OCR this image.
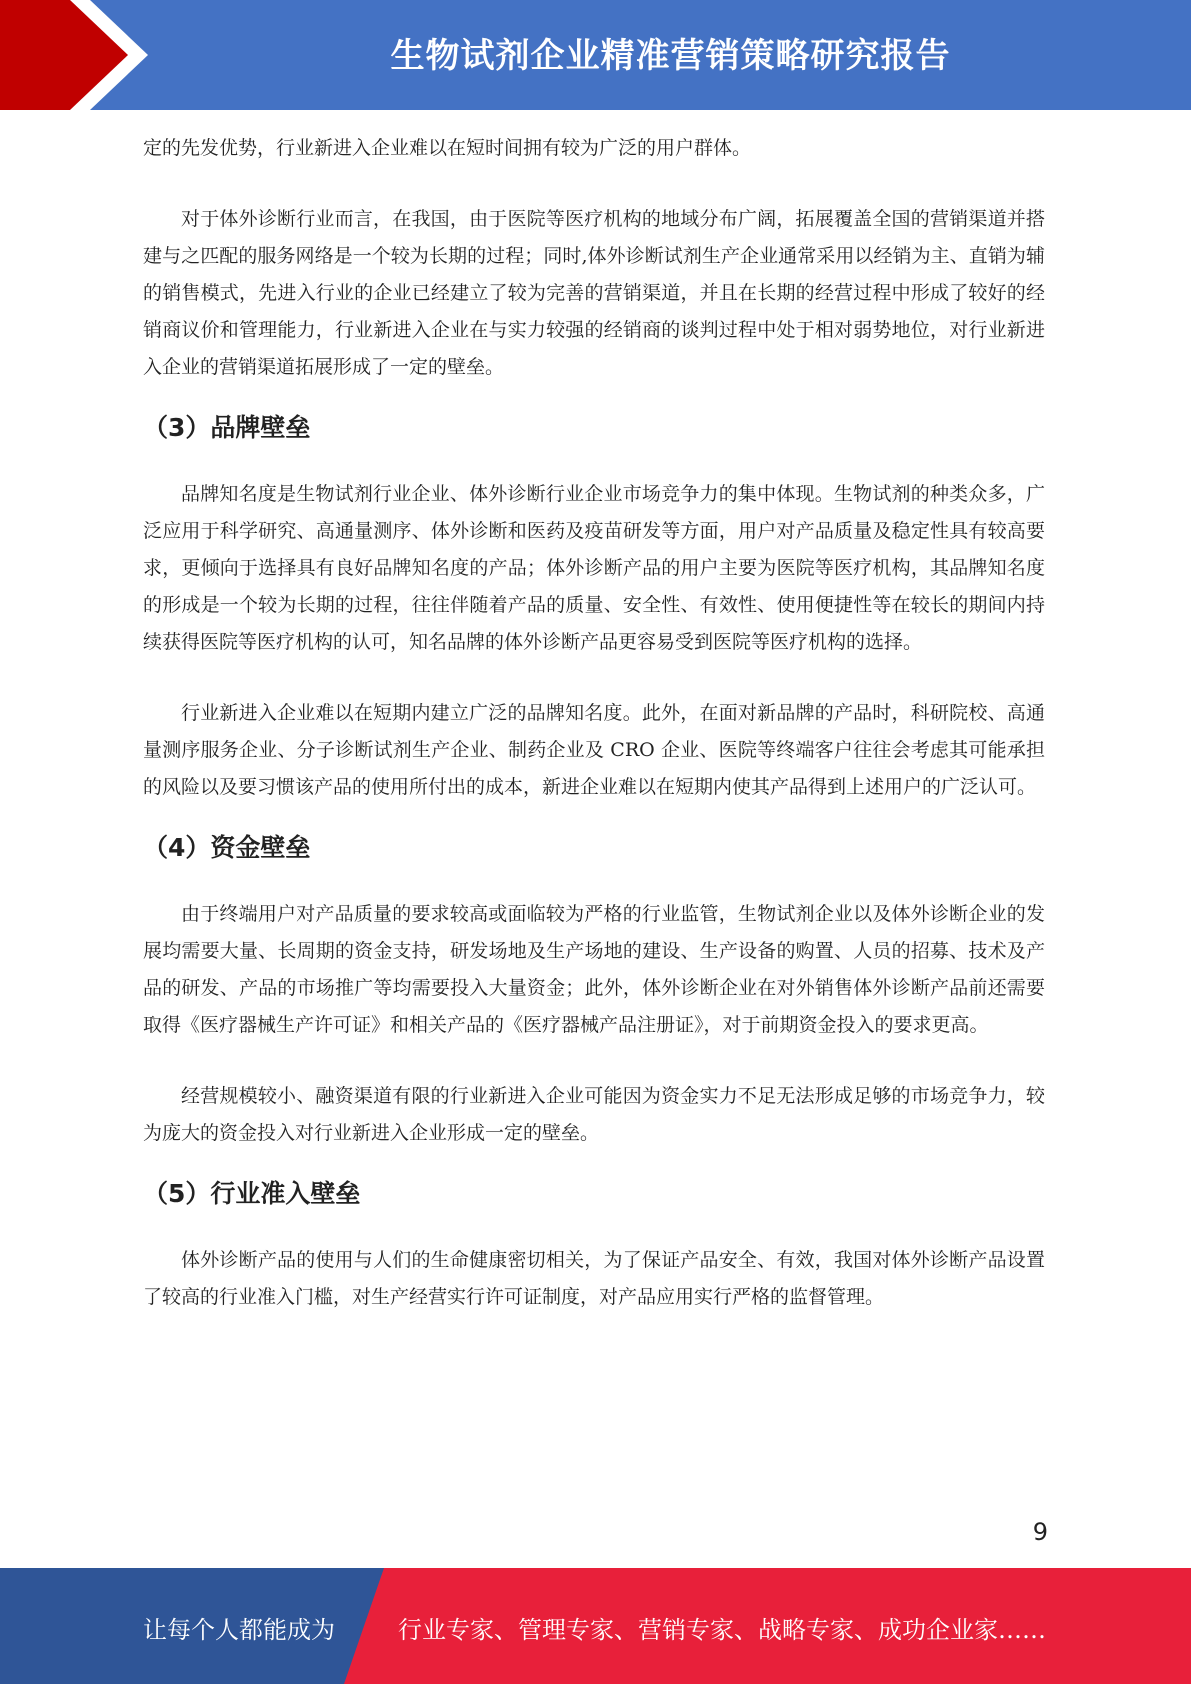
生物试剂企业精准营销策略研究报告

定的先发优势，行业新进入企业难以在短时间拥有较为广泛的用户群体。

对于体外诊断行业而言，在我国，由于医院等医疗机构的地域分布广阔，拓展覆盖全国的营销渠道并搭建与之匹配的服务网络是一个较为长期的过程；同时,体外诊断试剂生产企业通常采用以经销为主、直销为辅的销售模式，先进入行业的企业已经建立了较为完善的营销渠道，并且在长期的经营过程中形成了较好的经销商议价和管理能力，行业新进入企业在与实力较强的经销商的谈判过程中处于相对弱势地位，对行业新进入企业的营销渠道拓展形成了一定的壁垒。

（3）品牌壁垒

品牌知名度是生物试剂行业企业、体外诊断行业企业市场竞争力的集中体现。生物试剂的种类众多，广泛应用于科学研究、高通量测序、体外诊断和医药及疫苗研发等方面，用户对产品质量及稳定性具有较高要求，更倾向于选择具有良好品牌知名度的产品；体外诊断产品的用户主要为医院等医疗机构，其品牌知名度的形成是一个较为长期的过程，往往伴随着产品的质量、安全性、有效性、使用便捷性等在较长的期间内持续获得医院等医疗机构的认可，知名品牌的体外诊断产品更容易受到医院等医疗机构的选择。

行业新进入企业难以在短期内建立广泛的品牌知名度。此外，在面对新品牌的产品时，科研院校、高通量测序服务企业、分子诊断试剂生产企业、制药企业及 CRO 企业、医院等终端客户往往会考虑其可能承担的风险以及要习惯该产品的使用所付出的成本，新进企业难以在短期内使其产品得到上述用户的广泛认可。

（4）资金壁垒

由于终端用户对产品质量的要求较高或面临较为严格的行业监管，生物试剂企业以及体外诊断企业的发展均需要大量、长周期的资金支持，研发场地及生产场地的建设、生产设备的购置、人员的招募、技术及产品的研发、产品的市场推广等均需要投入大量资金；此外，体外诊断企业在对外销售体外诊断产品前还需要取得《医疗器械生产许可证》和相关产品的《医疗器械产品注册证》，对于前期资金投入的要求更高。

经营规模较小、融资渠道有限的行业新进入企业可能因为资金实力不足无法形成足够的市场竞争力，较为庞大的资金投入对行业新进入企业形成一定的壁垒。

（5）行业准入壁垒

体外诊断产品的使用与人们的生命健康密切相关，为了保证产品安全、有效，我国对体外诊断产品设置了较高的行业准入门槛，对生产经营实行许可证制度，对产品应用实行严格的监督管理。

9
让每个人都能成为	行业专家、管理专家、营销专家、战略专家、成功企业家……
